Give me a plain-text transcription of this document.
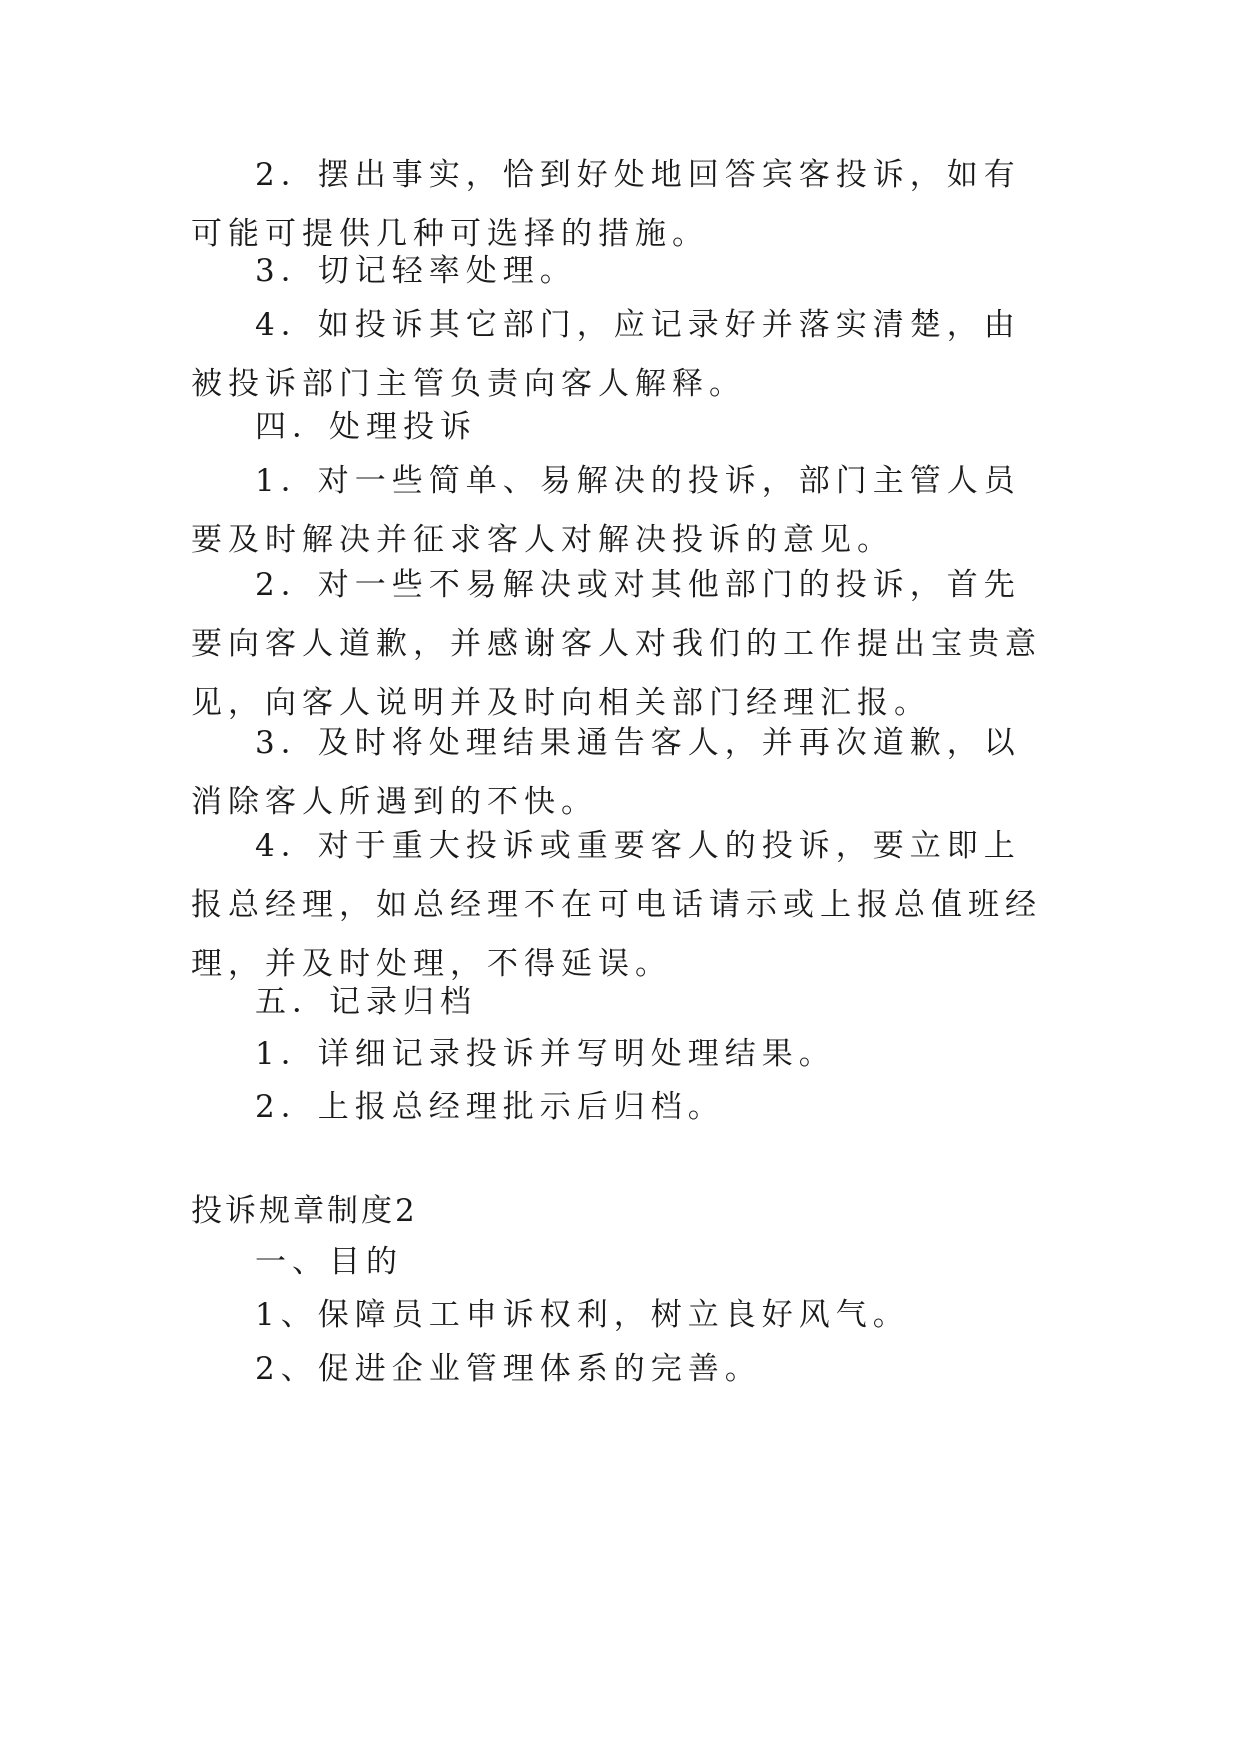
2．摆出事实，恰到好处地回答宾客投诉，如有可能可提供几种可选择的措施。
3．切记轻率处理。
4．如投诉其它部门，应记录好并落实清楚，由被投诉部门主管负责向客人解释。
四．处理投诉
1．对一些简单、易解决的投诉，部门主管人员要及时解决并征求客人对解决投诉的意见。
2．对一些不易解决或对其他部门的投诉，首先要向客人道歉，并感谢客人对我们的工作提出宝贵意见，向客人说明并及时向相关部门经理汇报。
3．及时将处理结果通告客人，并再次道歉，以消除客人所遇到的不快。
4．对于重大投诉或重要客人的投诉，要立即上报总经理，如总经理不在可电话请示或上报总值班经理，并及时处理，不得延误。
五．记录归档
1．详细记录投诉并写明处理结果。
2．上报总经理批示后归档。
投诉规章制度2
一、目的
1、保障员工申诉权利，树立良好风气。
2、促进企业管理体系的完善。
